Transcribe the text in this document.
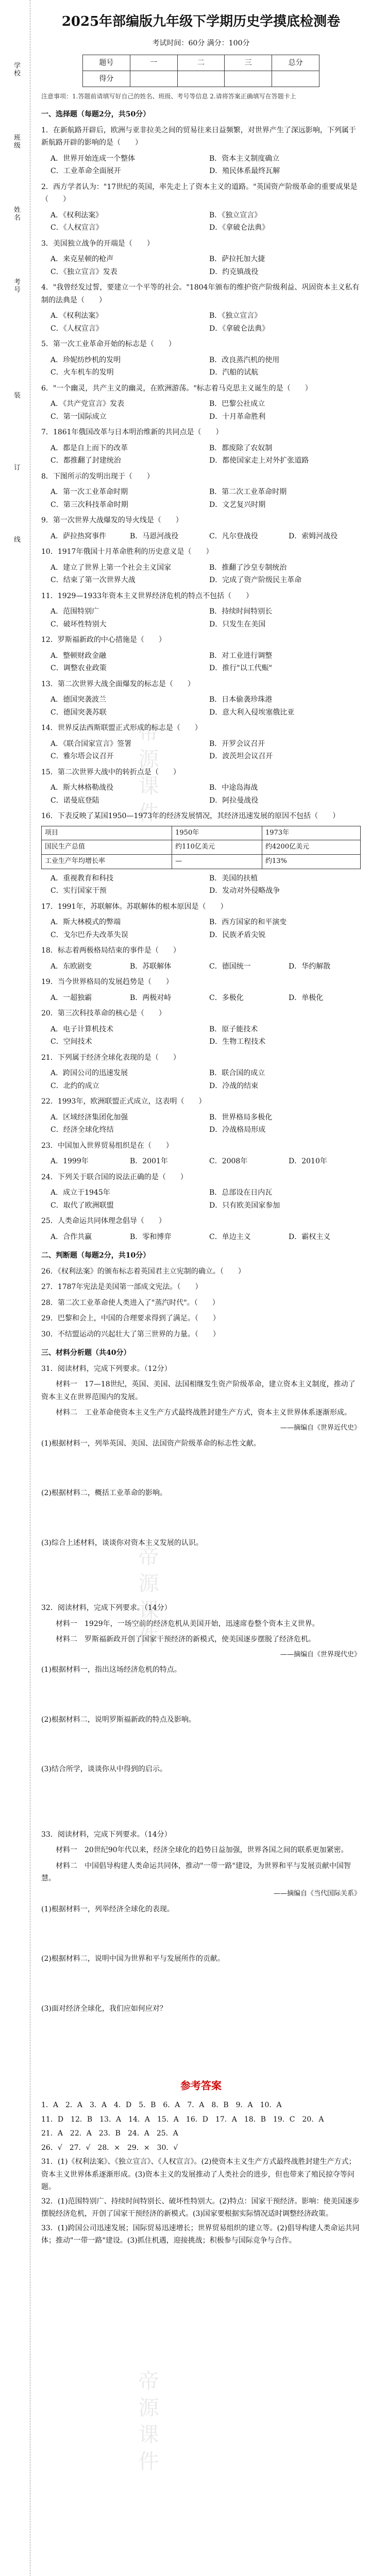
学校
班级
姓名
考号
装
订
线
帝源课件
帝源课件
帝源课件
2025年部编版九年级下学期历史学摸底检测卷
考试时间：60分 满分：100分
题号	一	二	三	总分
得分				
注意事项：1.答题前请填写好自己的姓名、班级、考号等信息 2.请将答案正确填写在答题卡上
一、选择题（每题2分，共50分）
1．在新航路开辟后，欧洲与亚非拉美之间的贸易往来日益频繁，对世界产生了深远影响，下列属于新航路开辟的影响的是（　　）
A．世界开始连成一个整体	B．资本主义制度确立
C．工业革命全面展开	D．殖民体系最终瓦解
2．西方学者认为："17世纪的英国，率先走上了资本主义的道路。"英国资产阶级革命的重要成果是（　　）
A．《权利法案》	B．《独立宣言》
C．《人权宣言》	D．《拿破仑法典》
3．美国独立战争的开端是（　　）
A．来克星顿的枪声	B．萨拉托加大捷
C．《独立宣言》发表	D．约克镇战役
4．"我曾经发过誓，要建立一个平等的社会。"1804年颁布的维护资产阶级利益、巩固资本主义私有制的法典是（　　）
A．《权利法案》	B．《独立宣言》
C．《人权宣言》	D．《拿破仑法典》
5．第一次工业革命开始的标志是（　　）
A．珍妮纺纱机的发明	B．改良蒸汽机的使用
C．火车机车的发明	D．汽船的试航
6．"一个幽灵，共产主义的幽灵，在欧洲游荡。"标志着马克思主义诞生的是（　　）
A．《共产党宣言》发表	B．巴黎公社成立
C．第一国际成立	D．十月革命胜利
7．1861年俄国改革与日本明治维新的共同点是（　　）
A．都是自上而下的改革	B．都废除了农奴制
C．都推翻了封建统治	D．都使国家走上对外扩张道路
8．下图所示的发明出现于（　　）
A．第一次工业革命时期	B．第二次工业革命时期
C．第三次科技革命时期	D．文艺复兴时期
9．第一次世界大战爆发的导火线是（　　）
A．萨拉热窝事件	B．马恩河战役	C．凡尔登战役	D．索姆河战役
10．1917年俄国十月革命胜利的历史意义是（　　）
A．建立了世界上第一个社会主义国家	B．推翻了沙皇专制统治
C．结束了第一次世界大战	D．完成了资产阶级民主革命
11．1929—1933年资本主义世界经济危机的特点不包括（　　）
A．范围特别广	B．持续时间特别长
C．破坏性特别大	D．只发生在美国
12．罗斯福新政的中心措施是（　　）
A．整顿财政金融	B．对工业进行调整
C．调整农业政策	D．推行"以工代赈"
13．第二次世界大战全面爆发的标志是（　　）
A．德国突袭波兰	B．日本偷袭珍珠港
C．德国突袭苏联	D．意大利入侵埃塞俄比亚
14．世界反法西斯联盟正式形成的标志是（　　）
A．《联合国家宣言》签署	B．开罗会议召开
C．雅尔塔会议召开	D．波茨坦会议召开
15．第二次世界大战中的转折点是（　　）
A．斯大林格勒战役	B．中途岛海战
C．诺曼底登陆	D．阿拉曼战役
16．下表反映了某国1950—1973年的经济发展情况，其经济迅速发展的原因不包括（　　）
项目	1950年	1973年
国民生产总值	约110亿美元	约4200亿美元
工业生产年均增长率	—	约13%
A．重视教育和科技	B．美国的扶植
C．实行国家干预	D．发动对外侵略战争
17．1991年，苏联解体。苏联解体的根本原因是（　　）
A．斯大林模式的弊端	B．西方国家的和平演变
C．戈尔巴乔夫改革失误	D．民族矛盾尖锐
18．标志着两极格局结束的事件是（　　）
A．东欧剧变	B．苏联解体	C．德国统一	D．华约解散
19．当今世界格局的发展趋势是（　　）
A．一超独霸	B．两极对峙	C．多极化	D．单极化
20．第三次科技革命的核心是（　　）
A．电子计算机技术	B．原子能技术
C．空间技术	D．生物工程技术
21．下列属于经济全球化表现的是（　　）
A．跨国公司的迅速发展	B．联合国的成立
C．北约的成立	D．冷战的结束
22．1993年，欧洲联盟正式成立，这表明（　　）
A．区域经济集团化加强	B．世界格局多极化
C．经济全球化终结	D．冷战格局形成
23．中国加入世界贸易组织是在（　　）
A．1999年	B．2001年	C．2008年	D．2010年
24．下列关于联合国的说法正确的是（　　）
A．成立于1945年	B．总部设在日内瓦
C．取代了欧洲联盟	D．只有欧美国家参加
25．人类命运共同体理念倡导（　　）
A．合作共赢	B．零和博弈	C．单边主义	D．霸权主义
二、判断题（每题2分，共10分）
26．《权利法案》的颁布标志着英国君主立宪制的确立。（　　）
27．1787年宪法是美国第一部成文宪法。（　　）
28．第二次工业革命使人类进入了"蒸汽时代"。（　　）
29．巴黎和会上，中国的合理要求得到了满足。（　　）
30．不结盟运动的兴起壮大了第三世界的力量。（　　）
三、材料分析题（共40分）
31．阅读材料，完成下列要求。（12分）
材料一　17—18世纪，英国、美国、法国相继发生资产阶级革命，建立资本主义制度，推动了资本主义在世界范围内的发展。
材料二　工业革命使资本主义生产方式最终战胜封建生产方式，资本主义世界体系逐渐形成。
——摘编自《世界近代史》
(1)根据材料一，列举英国、美国、法国资产阶级革命的标志性文献。
(2)根据材料二，概括工业革命的影响。
(3)综合上述材料，谈谈你对资本主义发展的认识。
32．阅读材料，完成下列要求。（14分）
材料一　1929年，一场空前的经济危机从美国开始，迅速席卷整个资本主义世界。
材料二　罗斯福新政开创了国家干预经济的新模式，使美国逐步摆脱了经济危机。
——摘编自《世界现代史》
(1)根据材料一，指出这场经济危机的特点。
(2)根据材料二，说明罗斯福新政的特点及影响。
(3)结合所学，谈谈你从中得到的启示。
33．阅读材料，完成下列要求。（14分）
材料一　20世纪90年代以来，经济全球化的趋势日益加强，世界各国之间的联系更加紧密。
材料二　中国倡导构建人类命运共同体，推动"一带一路"建设，为世界和平与发展贡献中国智慧。
——摘编自《当代国际关系》
(1)根据材料一，列举经济全球化的表现。
(2)根据材料二，说明中国为世界和平与发展所作的贡献。
(3)面对经济全球化，我们应如何应对？
参考答案
1．A　2．A　3．A　4．D　5．B　6．A　7．A　8．B　9．A　10．A
11．D　12．B　13．A　14．A　15．A　16．D　17．A　18．B　19．C　20．A
21．A　22．A　23．B　24．A　25．A
26．√　27．√　28．×　29．×　30．√
31．(1)《权利法案》、《独立宣言》、《人权宣言》。(2)使资本主义生产方式最终战胜封建生产方式；资本主义世界体系逐渐形成。(3)资本主义的发展推动了人类社会的进步，但也带来了殖民掠夺等问题。
32．(1)范围特别广、持续时间特别长、破坏性特别大。(2)特点：国家干预经济。影响：使美国逐步摆脱经济危机，开创了国家干预经济的新模式。(3)国家要根据实际情况适时调整经济政策。
33．(1)跨国公司迅速发展；国际贸易迅速增长；世界贸易组织的建立等。(2)倡导构建人类命运共同体；推动"一带一路"建设。(3)抓住机遇，迎接挑战；积极参与国际竞争与合作。
